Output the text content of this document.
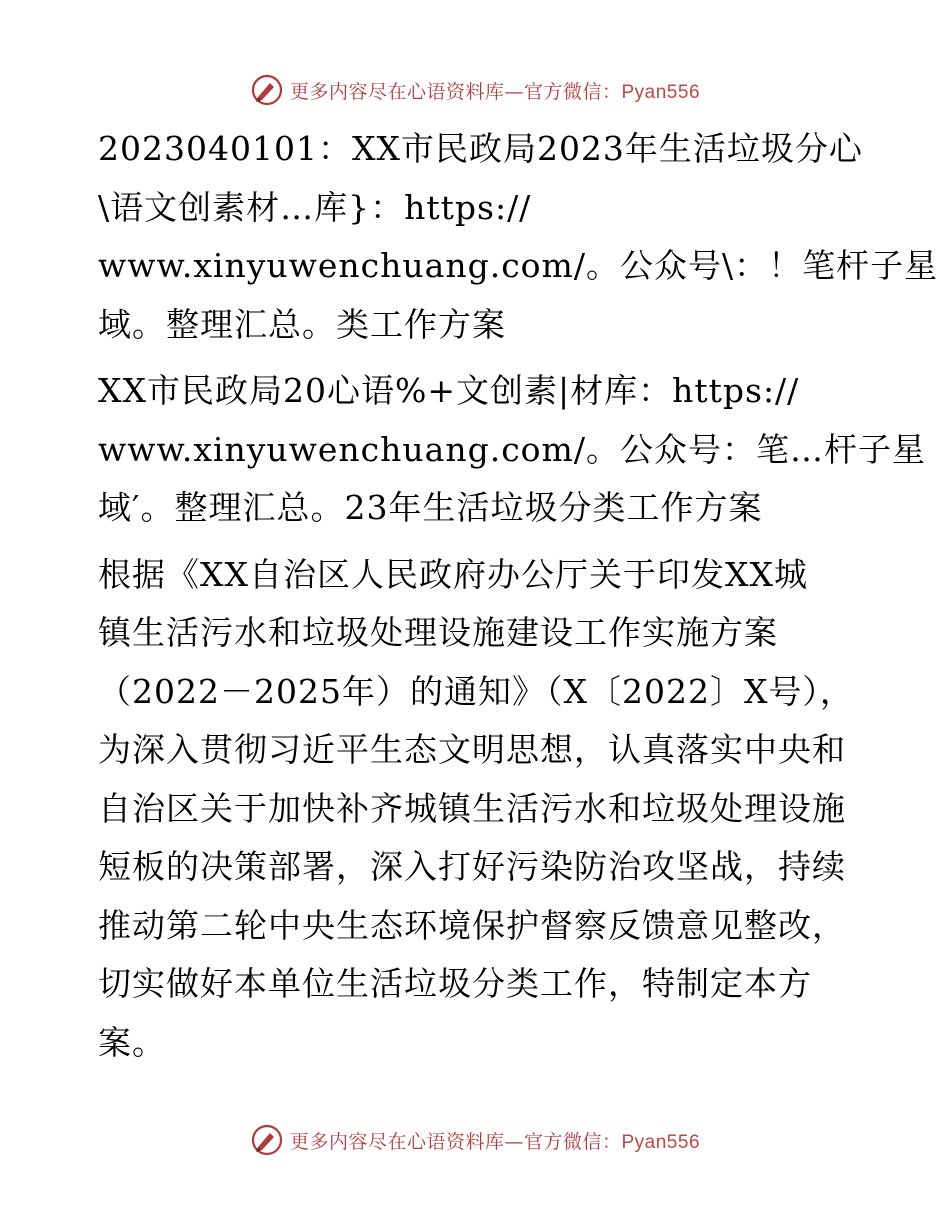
更多内容尽在心语资料库—官方微信：Pyan556
2023040101：XX市民政局2023年生活垃圾分心
\语文创素材…库}：https://
www.xinyuwenchuang.com/。公众号\：！笔杆子星
域。整理汇总。类工作方案
XX市民政局20心语%+文创素|材库：https://
www.xinyuwenchuang.com/。公众号：笔…杆子星
域′。整理汇总。23年生活垃圾分类工作方案
根据《XX自治区人民政府办公厅关于印发XX城
镇生活污水和垃圾处理设施建设工作实施方案
（2022－2025年）的通知》（X〔2022〕X号），
为深入贯彻习近平生态文明思想，认真落实中央和
自治区关于加快补齐城镇生活污水和垃圾处理设施
短板的决策部署，深入打好污染防治攻坚战，持续
推动第二轮中央生态环境保护督察反馈意见整改，
切实做好本单位生活垃圾分类工作，特制定本方
案。
更多内容尽在心语资料库—官方微信：Pyan556
